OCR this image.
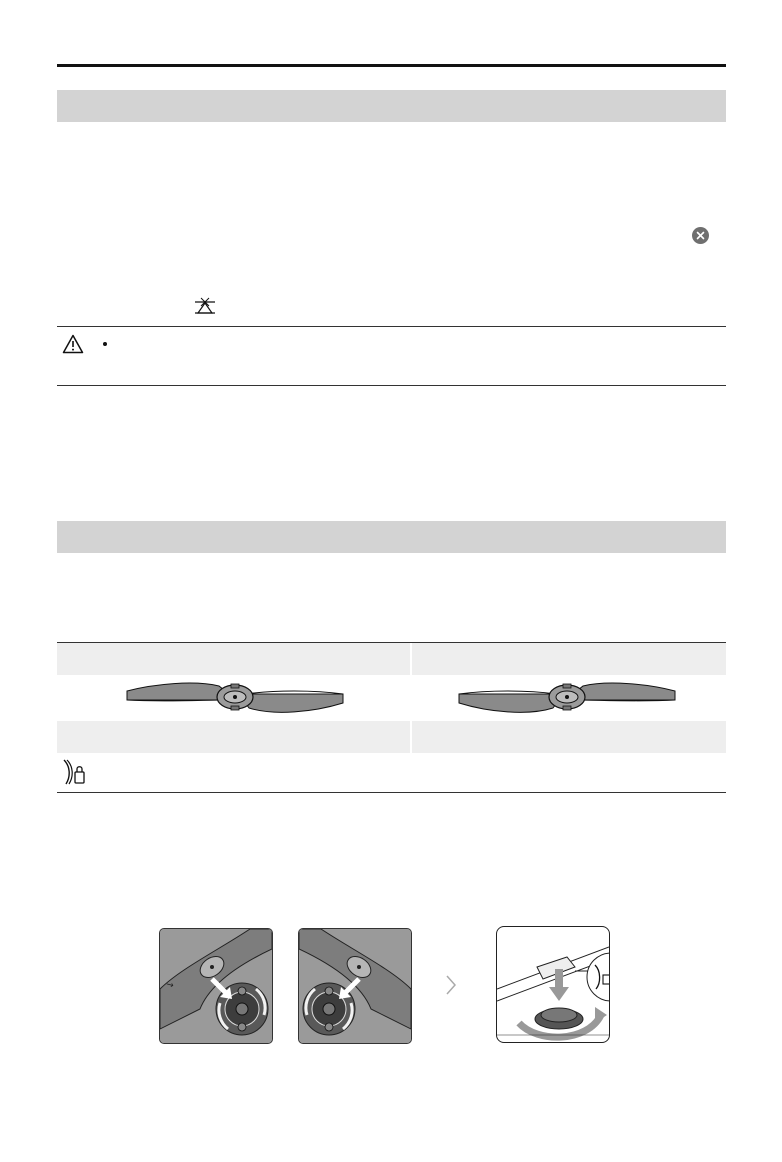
↘
